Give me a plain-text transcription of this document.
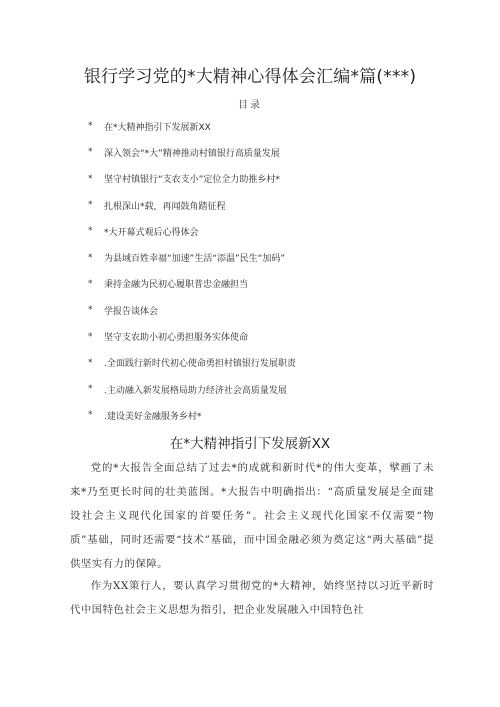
银行学习党的*大精神心得体会汇编*篇(***)
目录
*	在*大精神指引下发展新XX
*	深入领会“*大”精神推动村镇银行高质量发展
*	坚守村镇银行“支农支小”定位全力助推乡村*
*	扎根深山*载，再闻鼓角踏征程
*	*大开幕式观后心得体会
*	为县域百姓幸福“加速”生活“添温”民生“加码”
*	秉持金融为民初心履职普忠金融担当
*	学报告谈体会
*	坚守支农助小初心勇担服务实体使命
*	.全面践行新时代初心使命勇担村镇银行发展职责
*	.主动融入新发展格局助力经济社会高质量发展
*	.建设美好金融服务乡村*
在*大精神指引下发展新XX

党的*大报告全面总结了过去*的成就和新时代*的伟大变革，擘画了未来*乃至更长时间的壮美蓝图。*大报告中明确指出：“高质量发展是全面建设社会主义现代化国家的首要任务”。社会主义现代化国家不仅需要“物质”基础，同时还需要“技术”基础，而中国金融必须为奠定这“两大基础”提供坚实有力的保障。

作为XX策行人，要认真学习贯彻党的*大精神，始终坚持以习近平新时代中国特色社会主义思想为指引，把企业发展融入中国特色社
